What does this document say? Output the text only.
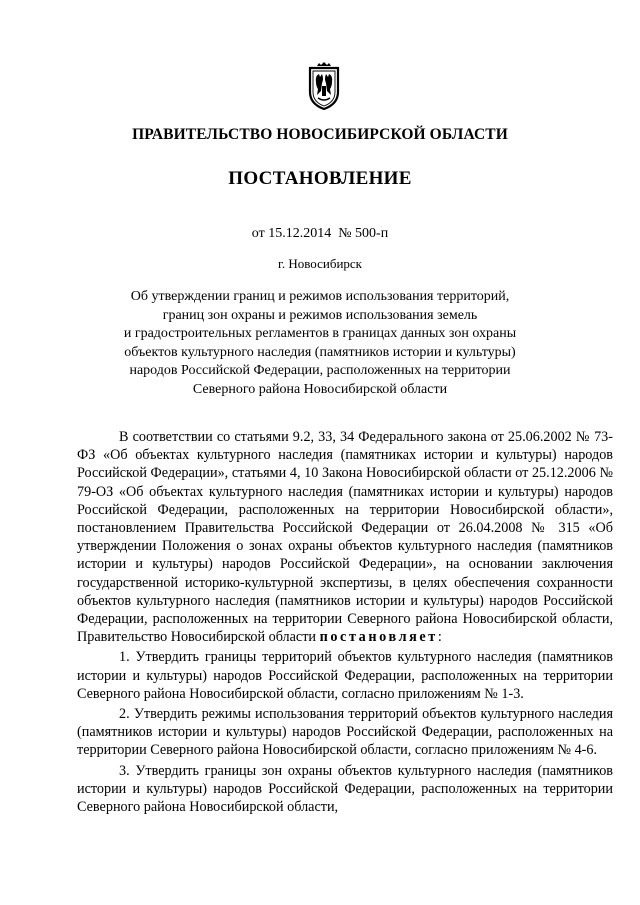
ПРАВИТЕЛЬСТВО НОВОСИБИРСКОЙ ОБЛАСТИ
ПОСТАНОВЛЕНИЕ
от 15.12.2014 № 500-п
г. Новосибирск
Об утверждении границ и режимов использования территорий,
границ зон охраны и режимов использования земель
и градостроительных регламентов в границах данных зон охраны
объектов культурного наследия (памятников истории и культуры)
народов Российской Федерации, расположенных на территории
Северного района Новосибирской области

В соответствии со статьями 9.2, 33, 34 Федерального закона от 25.06.2002 № 73-ФЗ «Об объектах культурного наследия (памятниках истории и культуры) народов Российской Федерации», статьями 4, 10 Закона Новосибирской области от 25.12.2006 № 79-ОЗ «Об объектах культурного наследия (памятниках истории и культуры) народов Российской Федерации, расположенных на территории Новосибирской области», постановлением Правительства Российской Федерации от 26.04.2008 № 315 «Об утверждении Положения о зонах охраны объектов культурного наследия (памятников истории и культуры) народов Российской Федерации», на основании заключения государственной историко-культурной экспертизы, в целях обеспечения сохранности объектов культурного наследия (памятников истории и культуры) народов Российской Федерации, расположенных на территории Северного района Новосибирской области, Правительство Новосибирской области постановляет:

1. Утвердить границы территорий объектов культурного наследия (памятников истории и культуры) народов Российской Федерации, расположенных на территории Северного района Новосибирской области, согласно приложениям № 1-3.

2. Утвердить режимы использования территорий объектов культурного наследия (памятников истории и культуры) народов Российской Федерации, расположенных на территории Северного района Новосибирской области, согласно приложениям № 4-6.

3. Утвердить границы зон охраны объектов культурного наследия (памятников истории и культуры) народов Российской Федерации, расположенных на территории Северного района Новосибирской области,
